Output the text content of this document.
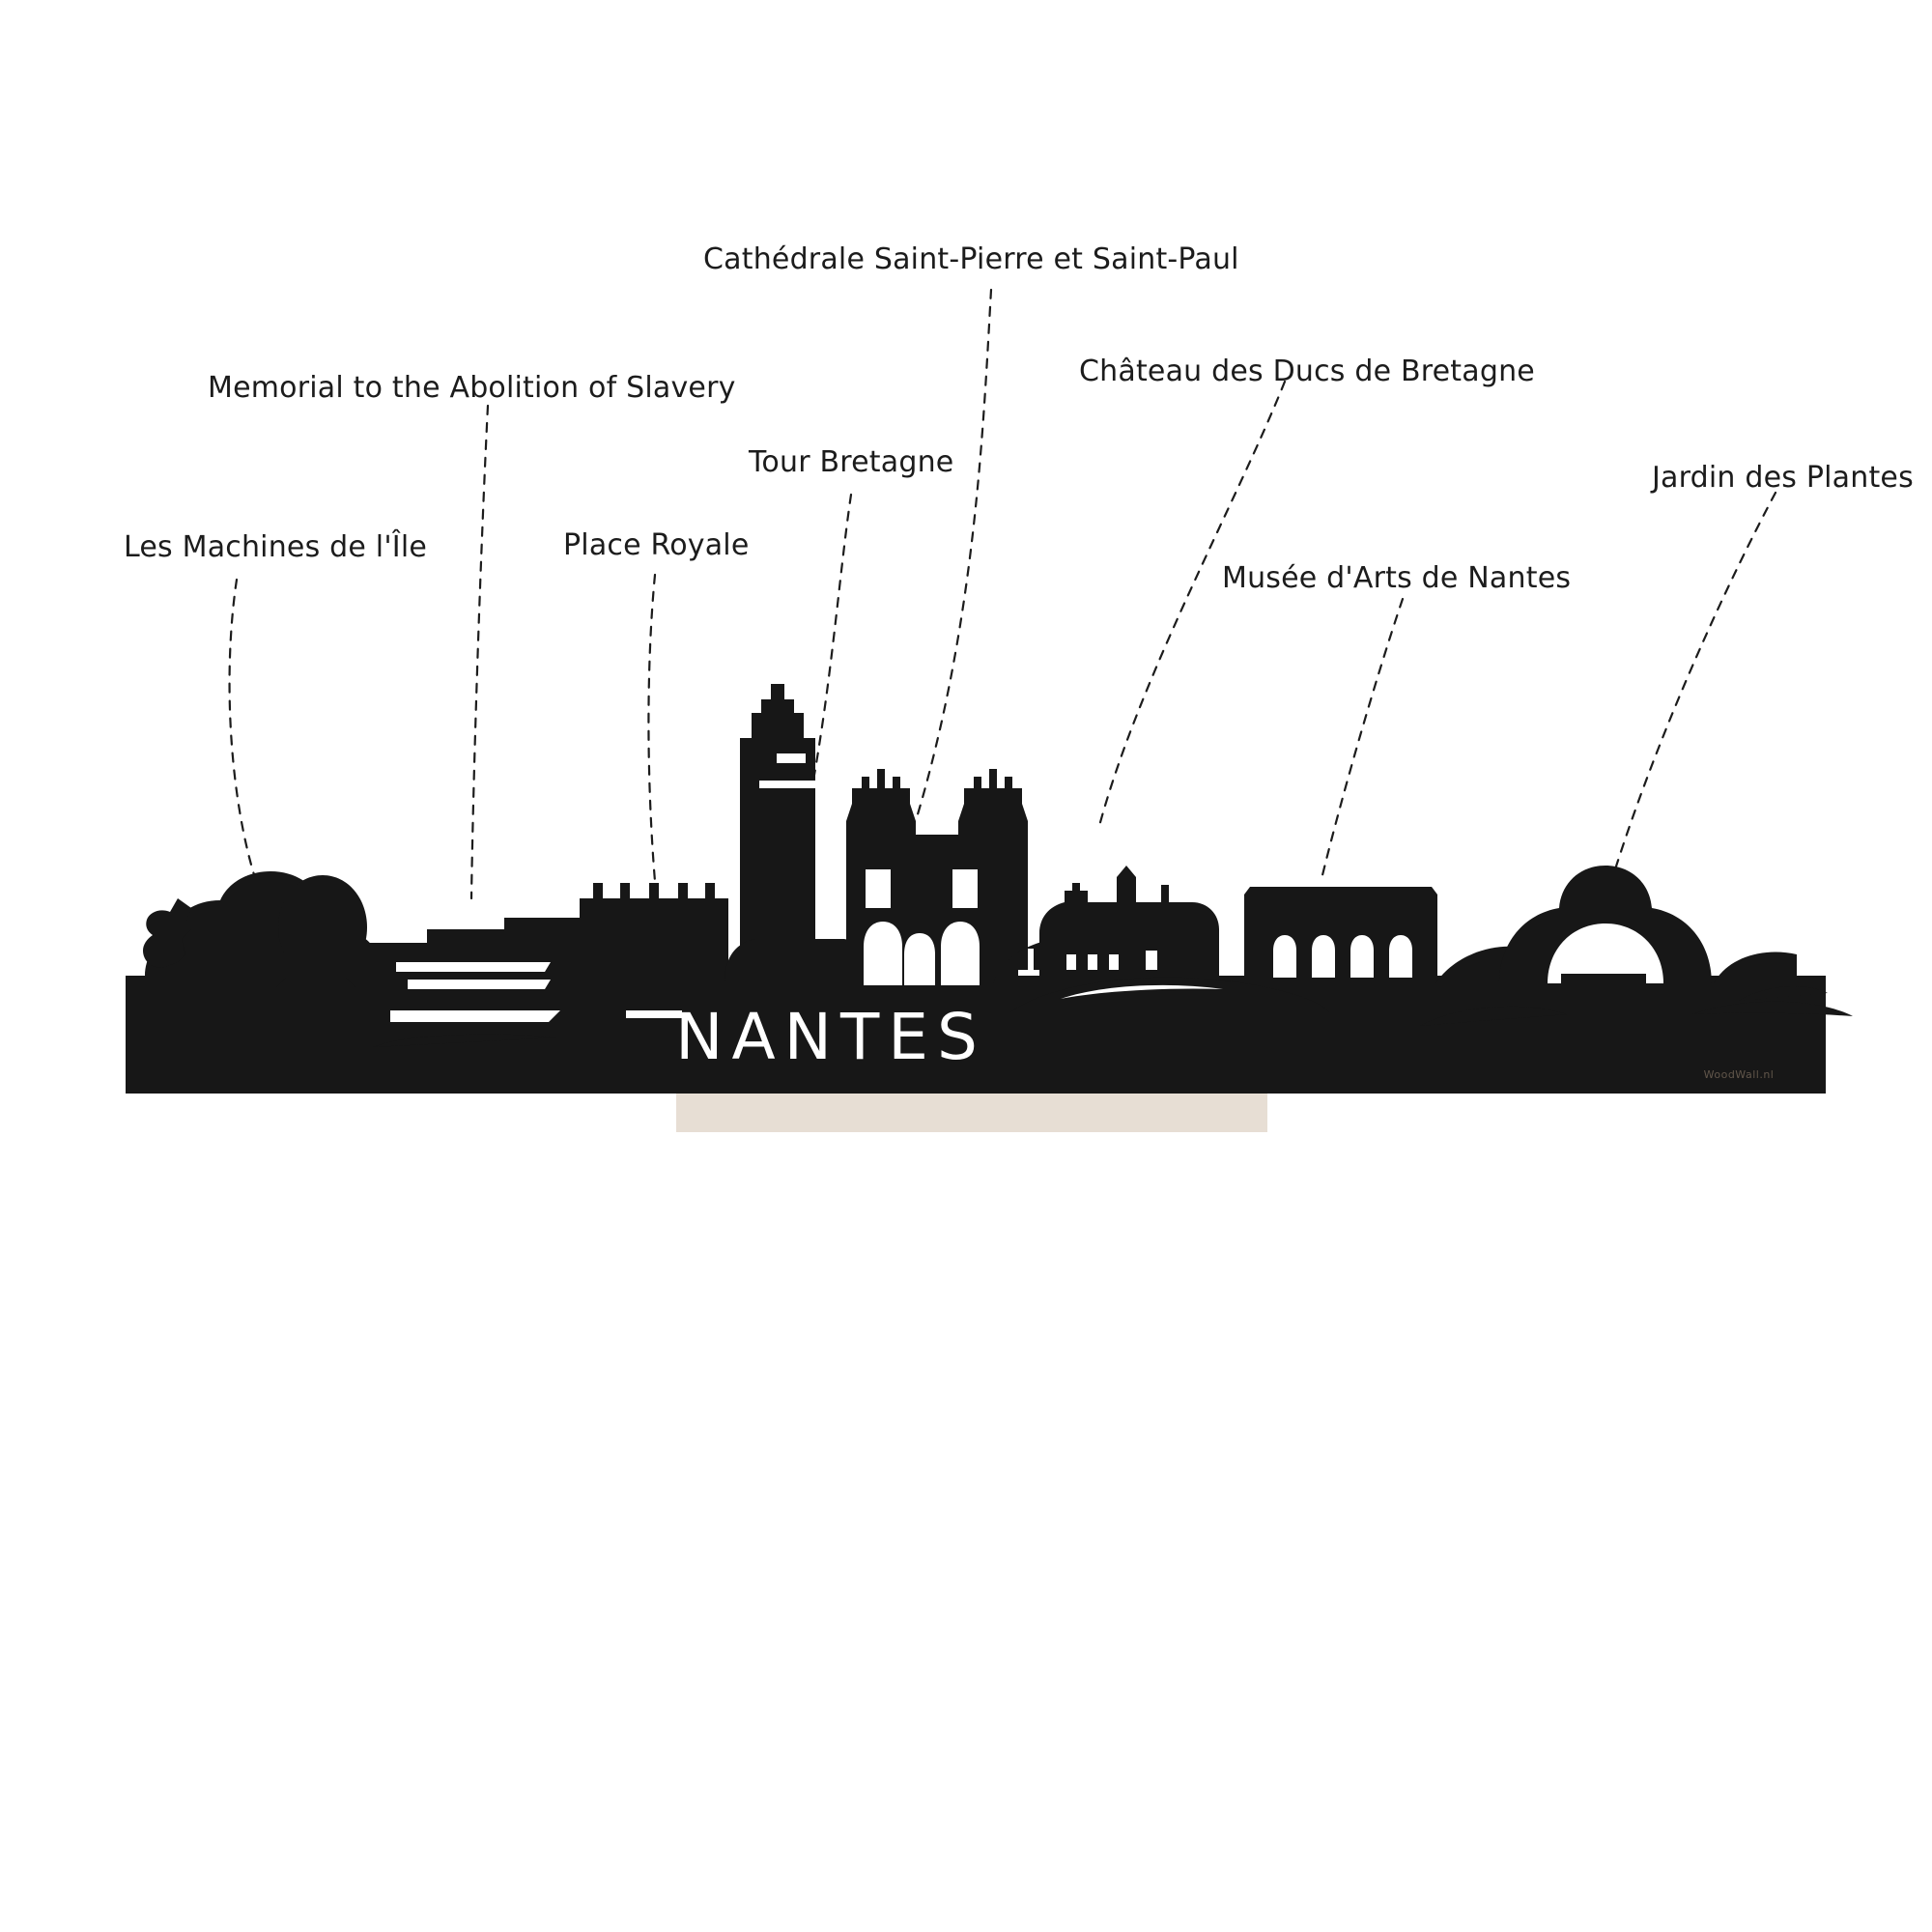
NANTES
WoodWall.nl
Les Machines de l'Île
Memorial to the Abolition of Slavery
Place Royale
Tour Bretagne
Cathédrale Saint-Pierre et Saint-Paul
Château des Ducs de Bretagne
Musée d'Arts de Nantes
Jardin des Plantes
